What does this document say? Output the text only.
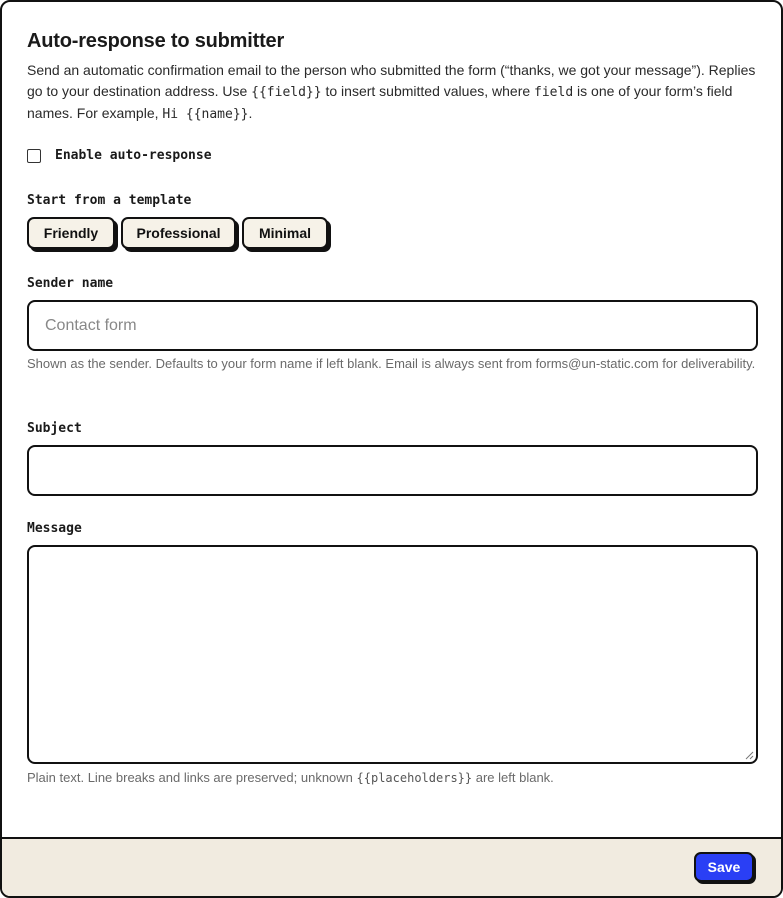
Auto-response to submitter
Send an automatic confirmation email to the person who submitted the form (“thanks, we got your message”). Replies go to your destination address. Use {{field}} to insert submitted values, where field is one of your form’s field names. For example, Hi {{name}}.
Enable auto-response
Start from a template
Friendly	Professional	Minimal
Sender name
Contact form
Shown as the sender. Defaults to your form name if left blank. Email is always sent from forms@un-static.com for deliverability.
Subject
Message
Plain text. Line breaks and links are preserved; unknown {{placeholders}} are left blank.
Save
